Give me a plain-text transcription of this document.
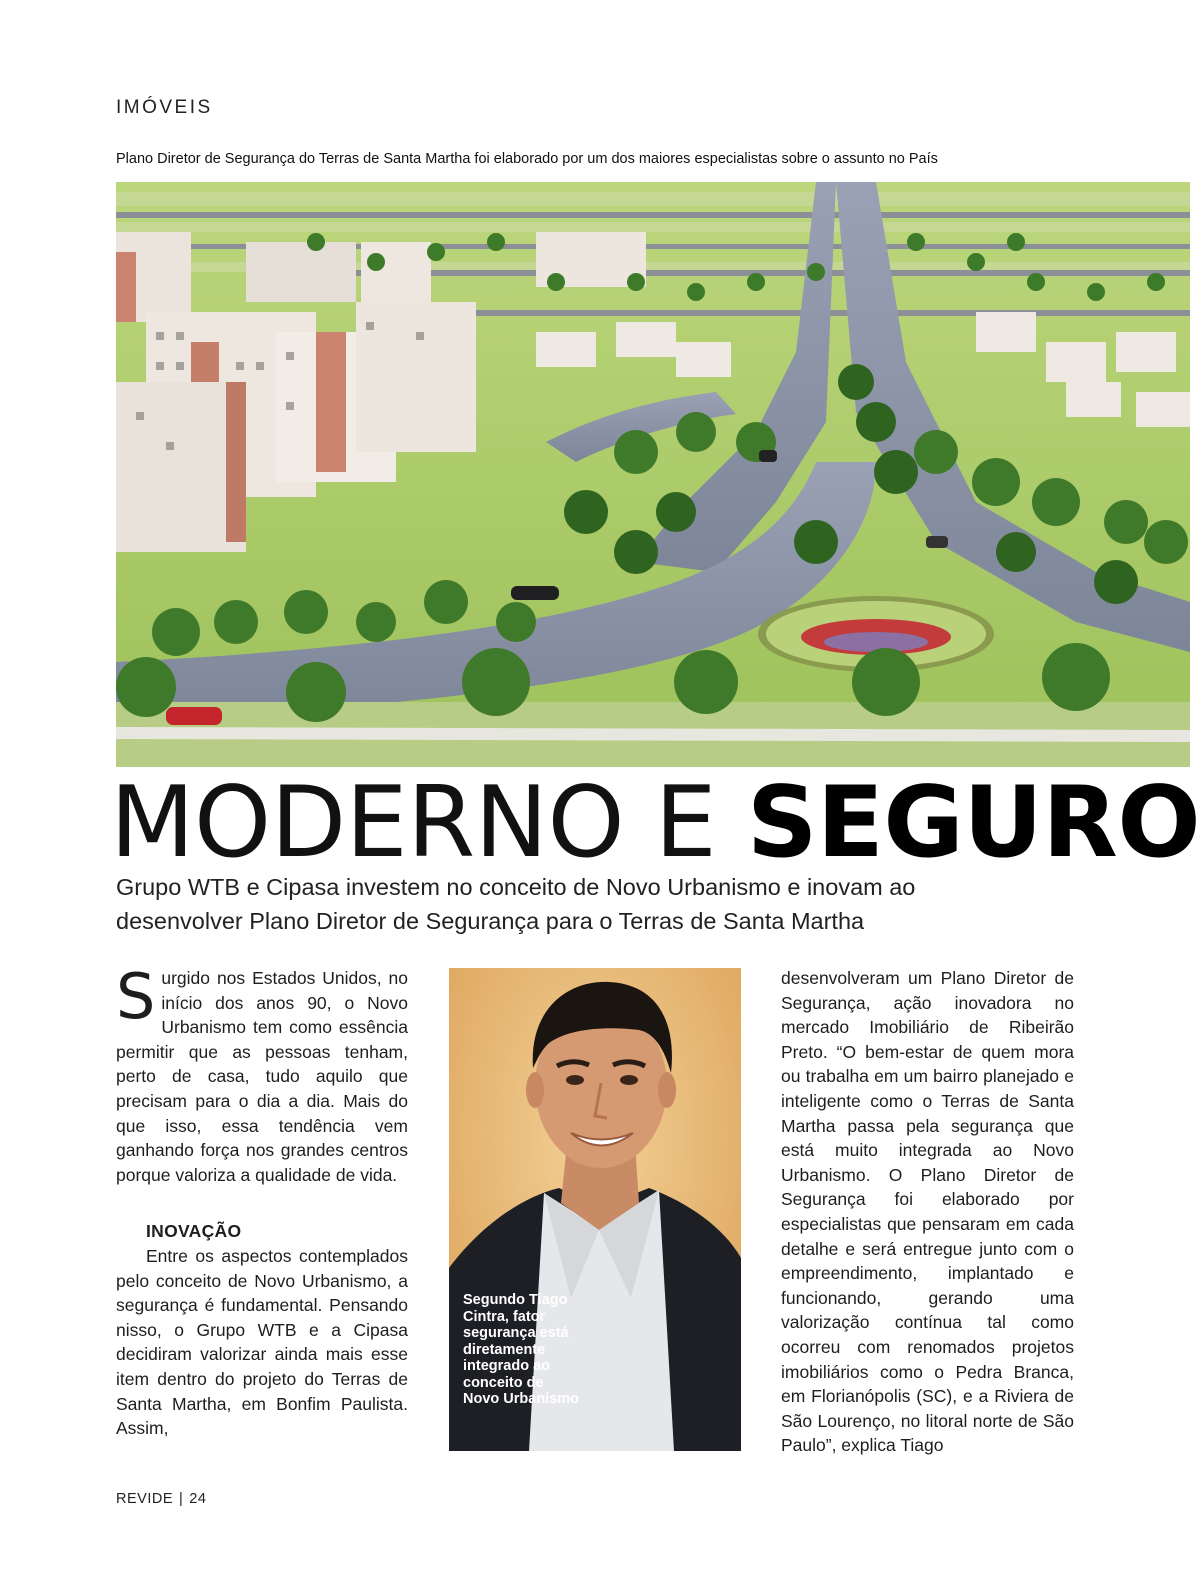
IMÓVEIS
Plano Diretor de Segurança do Terras de Santa Martha foi elaborado por um dos maiores especialistas sobre o assunto no País
MODERNO E SEGURO
Grupo WTB e Cipasa investem no conceito de Novo Urbanismo e inovam ao desenvolver Plano Diretor de Segurança para o Terras de Santa Martha

Surgido nos Estados Unidos, no início dos anos 90, o Novo Urbanismo tem como essência permitir que as pessoas tenham, perto de casa, tudo aquilo que precisam para o dia a dia. Mais do que isso, essa tendência vem ganhando força nos grandes centros porque valoriza a qualidade de vida.

INOVAÇÃO

Entre os aspectos contemplados pelo conceito de Novo Urbanismo, a segurança é fundamental. Pensando nisso, o Grupo WTB e a Cipasa decidiram valorizar ainda mais esse item dentro do projeto do Terras de Santa Martha, em Bonfim Paulista. Assim,

Segundo Tiago Cintra, fator segurança está diretamente integrado ao conceito de Novo Urbanismo

desenvolveram um Plano Diretor de Segurança, ação inovadora no mercado Imobiliário de Ribeirão Preto. “O bem-estar de quem mora ou trabalha em um bairro planejado e inteligente como o Terras de Santa Martha passa pela segurança que está muito integrada ao Novo Urbanismo. O Plano Diretor de Segurança foi elaborado por especialistas que pensaram em cada detalhe e será entregue junto com o empreendimento, implantado e funcionando, gerando uma valorização contínua tal como ocorreu com renomados projetos imobiliários como o Pedra Branca, em Florianópolis (SC), e a Riviera de São Lourenço, no litoral norte de São Paulo”, explica Tiago

REVIDE | 24
